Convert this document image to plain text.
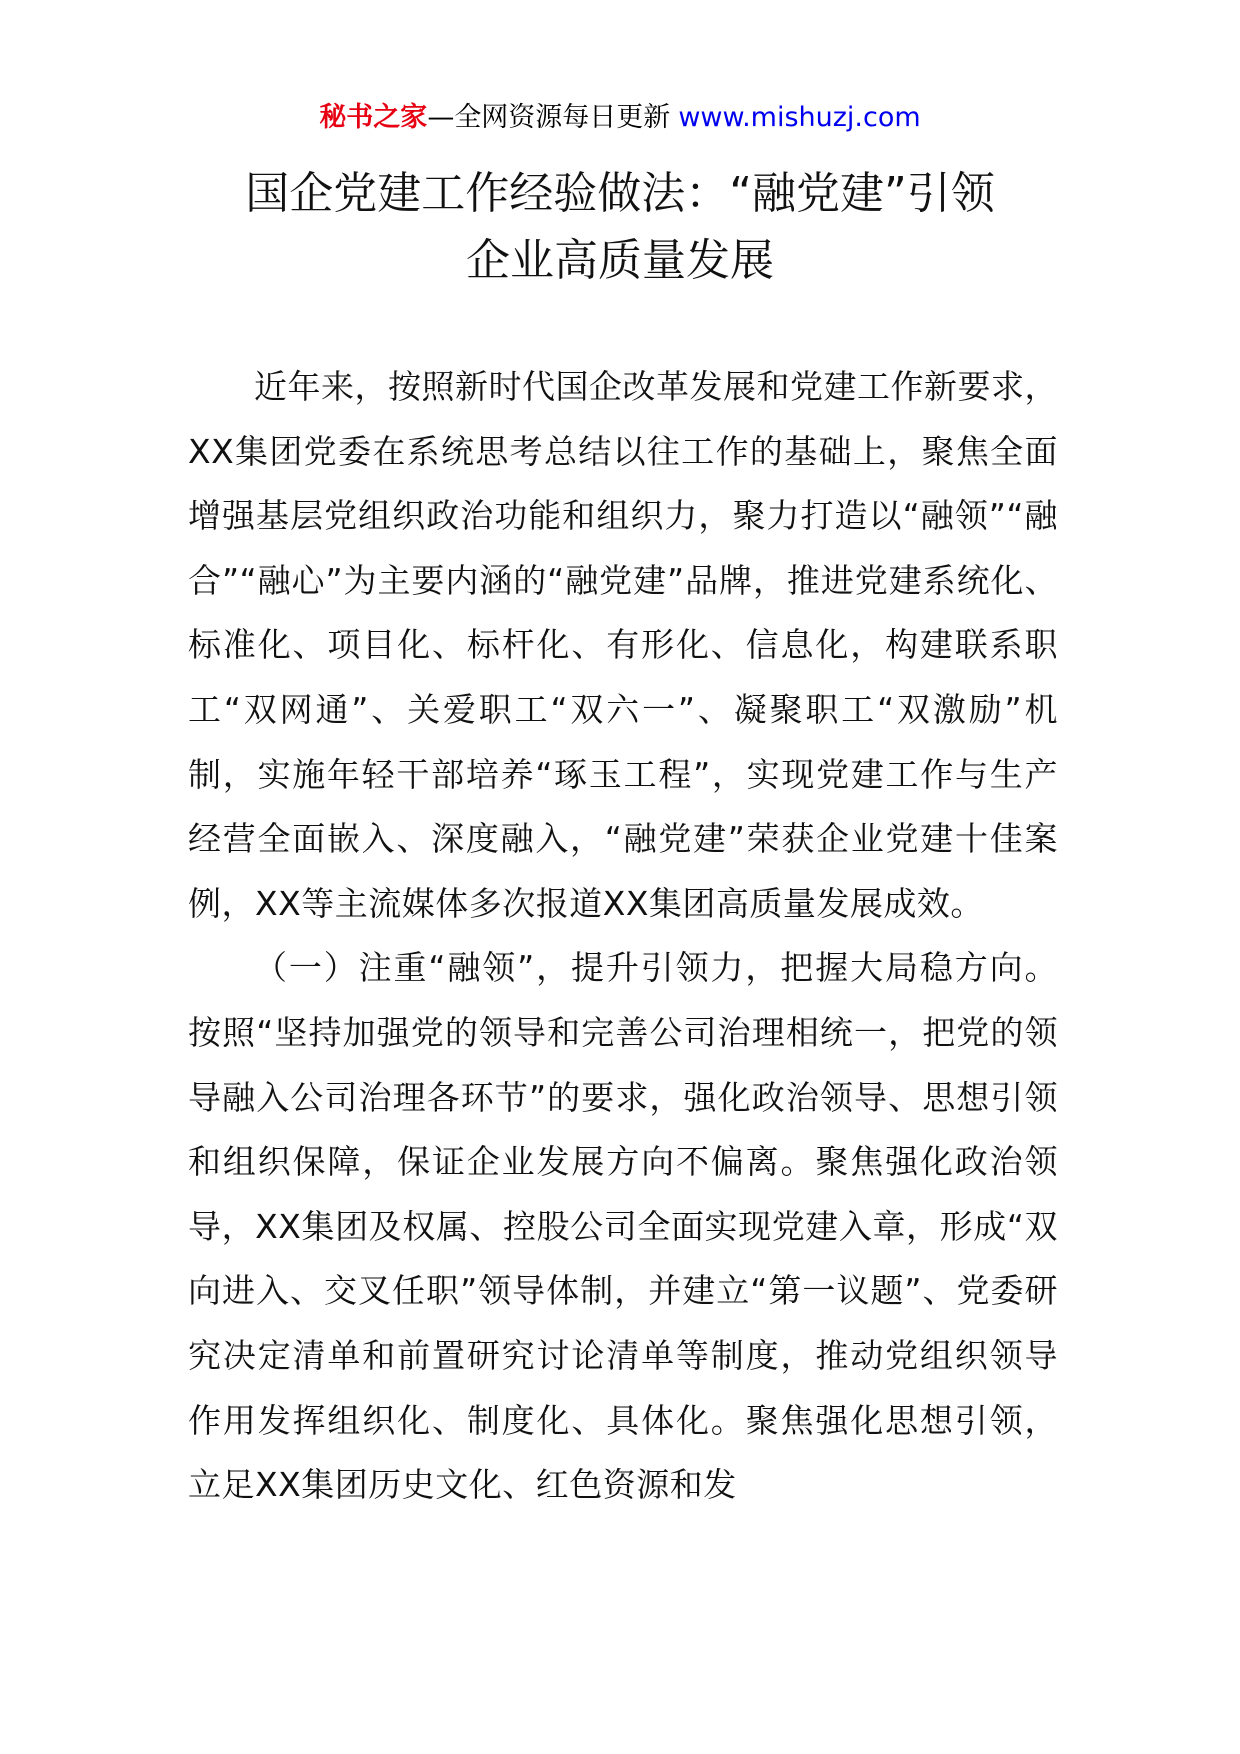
秘书之家—全网资源每日更新 www.mishuzj.com
国企党建工作经验做法：“融党建”引领
企业高质量发展

近年来，按照新时代国企改革发展和党建工作新要求，XX集团党委在系统思考总结以往工作的基础上，聚焦全面增强基层党组织政治功能和组织力，聚力打造以“融领”“融合”“融心”为主要内涵的“融党建”品牌，推进党建系统化、标准化、项目化、标杆化、有形化、信息化，构建联系职工“双网通”、关爱职工“双六一”、凝聚职工“双激励”机制，实施年轻干部培养“琢玉工程”，实现党建工作与生产经营全面嵌入、深度融入，“融党建”荣获企业党建十佳案例，XX等主流媒体多次报道XX集团高质量发展成效。

（一）注重“融领”，提升引领力，把握大局稳方向。按照“坚持加强党的领导和完善公司治理相统一，把党的领导融入公司治理各环节”的要求，强化政治领导、思想引领和组织保障，保证企业发展方向不偏离。聚焦强化政治领导，XX集团及权属、控股公司全面实现党建入章，形成“双向进入、交叉任职”领导体制，并建立“第一议题”、党委研究决定清单和前置研究讨论清单等制度，推动党组织领导作用发挥组织化、制度化、具体化。聚焦强化思想引领，立足XX集团历史文化、红色资源和发
